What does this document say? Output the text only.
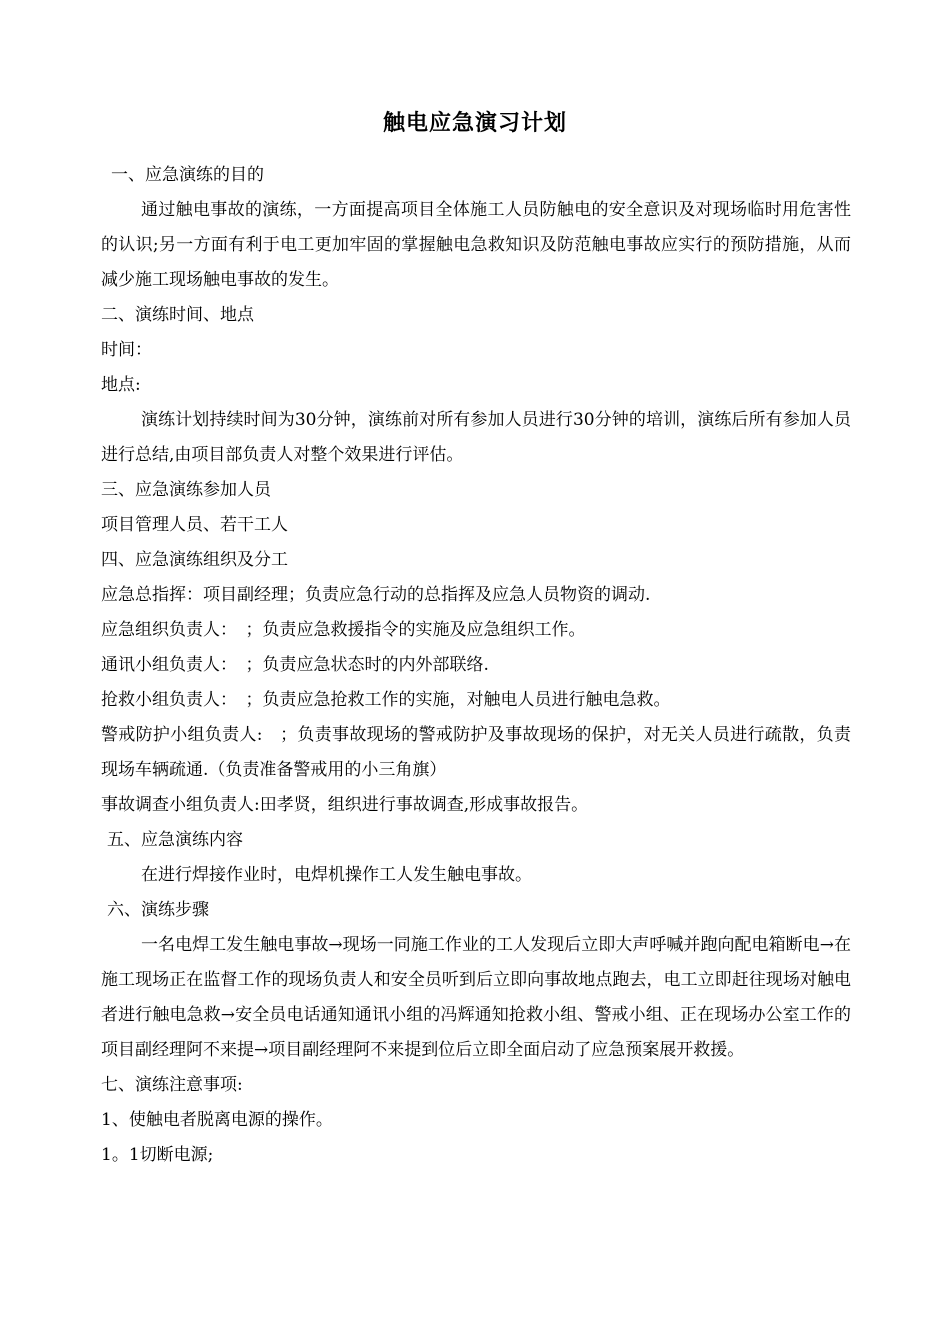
触电应急演习计划
一、应急演练的目的
通过触电事故的演练，一方面提高项目全体施工人员防触电的安全意识及对现场临时用危害性的认识;另一方面有利于电工更加牢固的掌握触电急救知识及防范触电事故应实行的预防措施，从而减少施工现场触电事故的发生。
二、演练时间、地点
时间：
地点:
演练计划持续时间为30分钟，演练前对所有参加人员进行30分钟的培训，演练后所有参加人员进行总结,由项目部负责人对整个效果进行评估。
三、应急演练参加人员
项目管理人员、若干工人
四、应急演练组织及分工
应急总指挥：项目副经理；负责应急行动的总指挥及应急人员物资的调动.
应急组织负责人：　；负责应急救援指令的实施及应急组织工作。
通讯小组负责人：　；负责应急状态时的内外部联络.
抢救小组负责人：　；负责应急抢救工作的实施，对触电人员进行触电急救。
警戒防护小组负责人:　；负责事故现场的警戒防护及事故现场的保护，对无关人员进行疏散，负责现场车辆疏通.（负责准备警戒用的小三角旗）
事故调查小组负责人:田孝贤，组织进行事故调查,形成事故报告。
五、应急演练内容
在进行焊接作业时，电焊机操作工人发生触电事故。
六、演练步骤
一名电焊工发生触电事故→现场一同施工作业的工人发现后立即大声呼喊并跑向配电箱断电→在施工现场正在监督工作的现场负责人和安全员听到后立即向事故地点跑去，电工立即赶往现场对触电者进行触电急救→安全员电话通知通讯小组的冯辉通知抢救小组、警戒小组、正在现场办公室工作的项目副经理阿不来提→项目副经理阿不来提到位后立即全面启动了应急预案展开救援。
七、演练注意事项:
1、使触电者脱离电源的操作。
1。1切断电源;
